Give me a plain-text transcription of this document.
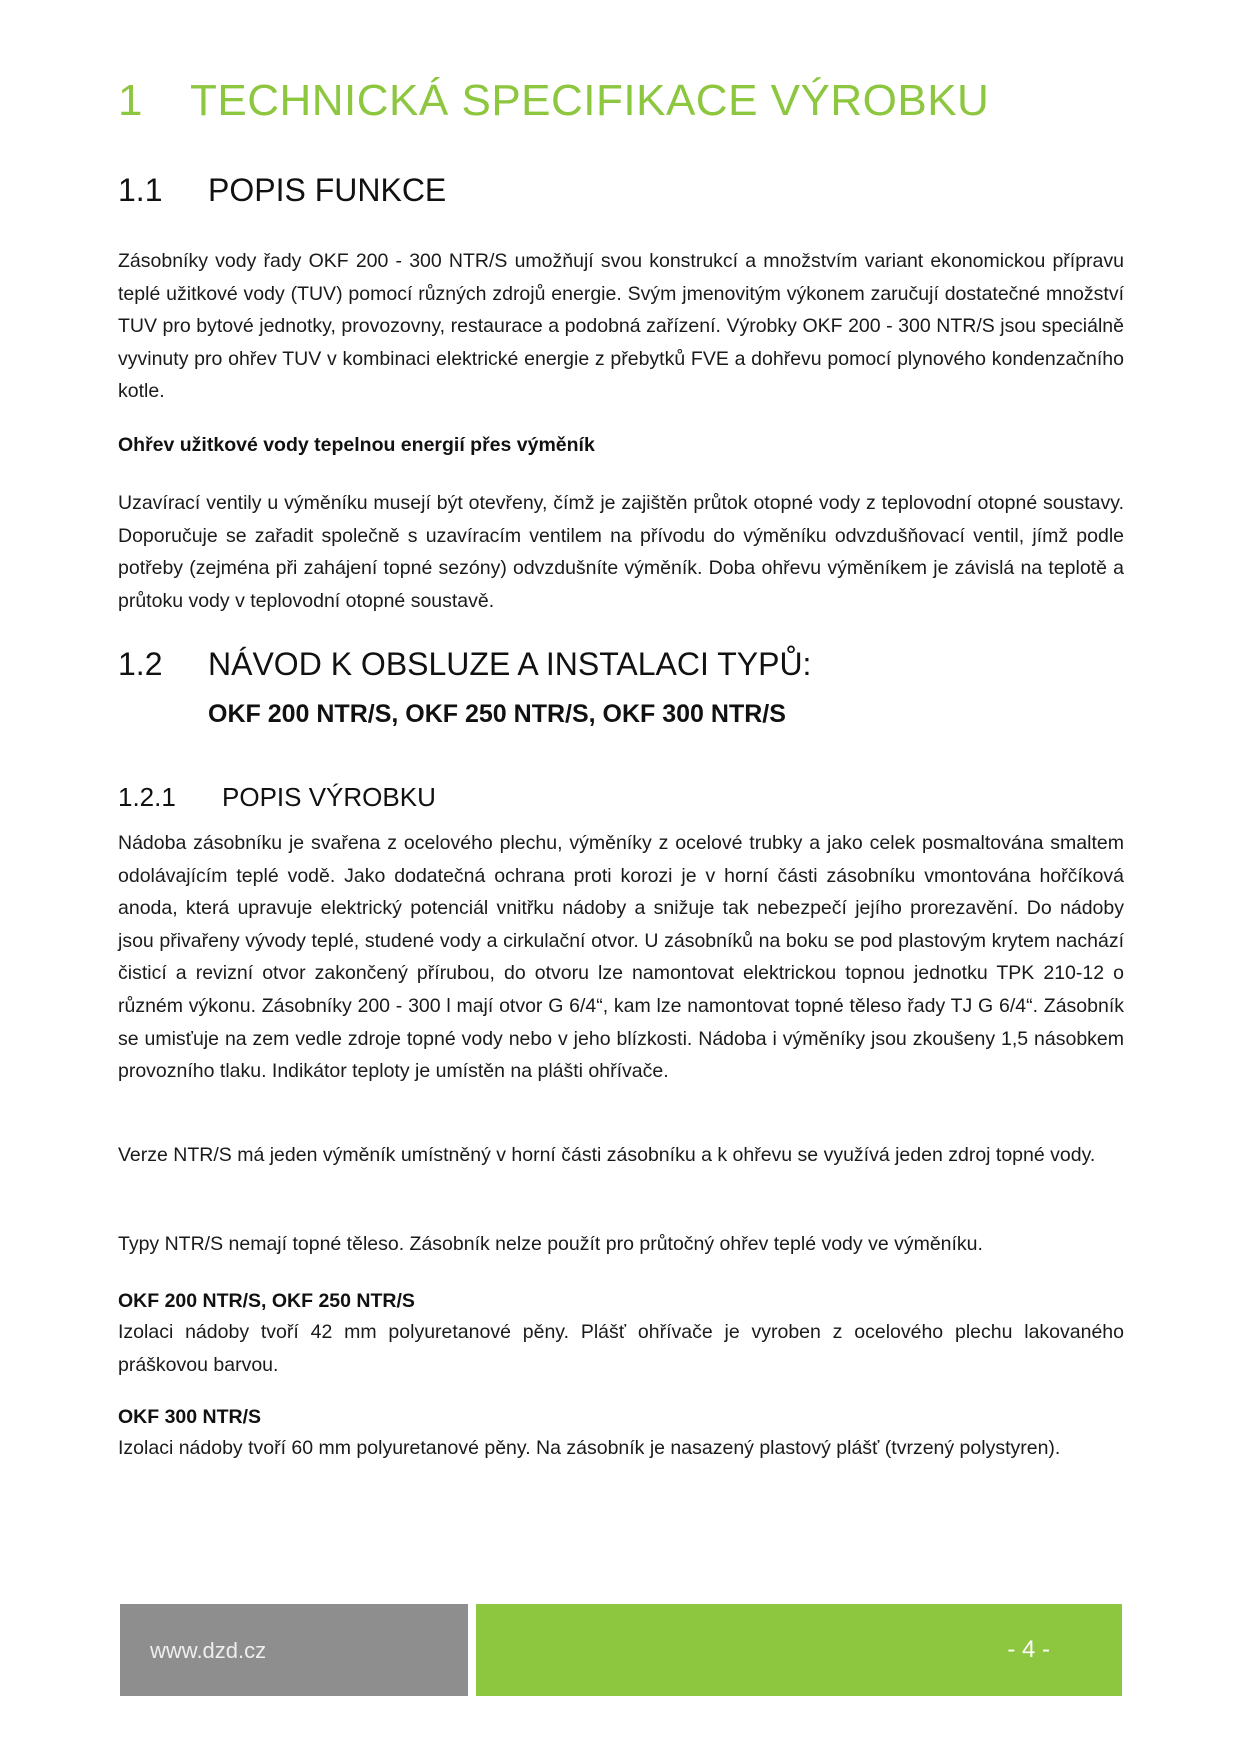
1 TECHNICKÁ SPECIFIKACE VÝROBKU
1.1 POPIS FUNKCE
Zásobníky vody řady OKF 200 - 300 NTR/S umožňují svou konstrukcí a množstvím variant ekonomickou přípravu teplé užitkové vody (TUV) pomocí různých zdrojů energie. Svým jmenovitým výkonem zaručují dostatečné množství TUV pro bytové jednotky, provozovny, restaurace a podobná zařízení. Výrobky OKF 200 - 300 NTR/S jsou speciálně vyvinuty pro ohřev TUV v kombinaci elektrické energie z přebytků FVE a dohřevu pomocí plynového kondenzačního kotle.
Ohřev užitkové vody tepelnou energií přes výměník
Uzavírací ventily u výměníku musejí být otevřeny, čímž je zajištěn průtok otopné vody z teplovodní otopné soustavy. Doporučuje se zařadit společně s uzavíracím ventilem na přívodu do výměníku odvzdušňovací ventil, jímž podle potřeby (zejména při zahájení topné sezóny) odvzdušníte výměník. Doba ohřevu výměníkem je závislá na teplotě a průtoku vody v teplovodní otopné soustavě.
1.2 NÁVOD K OBSLUZE A INSTALACI TYPŮ:
OKF 200 NTR/S, OKF 250 NTR/S, OKF 300 NTR/S
1.2.1 POPIS VÝROBKU
Nádoba zásobníku je svařena z ocelového plechu, výměníky z ocelové trubky a jako celek posmaltována smaltem odolávajícím teplé vodě. Jako dodatečná ochrana proti korozi je v horní části zásobníku vmontována hořčíková anoda, která upravuje elektrický potenciál vnitřku nádoby a snižuje tak nebezpečí jejího prorezavění. Do nádoby jsou přivařeny vývody teplé, studené vody a cirkulační otvor. U zásobníků na boku se pod plastovým krytem nachází čisticí a revizní otvor zakončený přírubou, do otvoru lze namontovat elektrickou topnou jednotku TPK 210-12 o různém výkonu. Zásobníky 200 - 300 l mají otvor G 6/4“, kam lze namontovat topné těleso řady TJ G 6/4“. Zásobník se umisťuje na zem vedle zdroje topné vody nebo v jeho blízkosti. Nádoba i výměníky jsou zkoušeny 1,5 násobkem provozního tlaku. Indikátor teploty je umístěn na plášti ohřívače.
Verze NTR/S má jeden výměník umístněný v horní části zásobníku a k ohřevu se využívá jeden zdroj topné vody.
Typy NTR/S nemají topné těleso. Zásobník nelze použít pro průtočný ohřev teplé vody ve výměníku.
OKF 200 NTR/S, OKF 250 NTR/S
Izolaci nádoby tvoří 42 mm polyuretanové pěny. Plášť ohřívače je vyroben z ocelového plechu lakovaného práškovou barvou.
OKF 300 NTR/S
Izolaci nádoby tvoří 60 mm polyuretanové pěny. Na zásobník je nasazený plastový plášť (tvrzený polystyren).
www.dzd.cz	- 4 -
